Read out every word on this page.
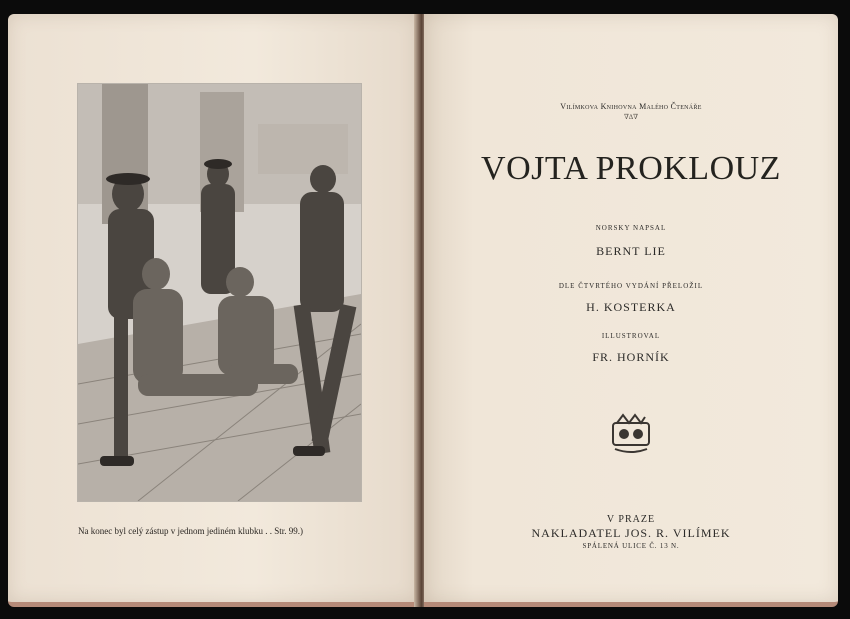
Na konec byl celý zástup v jednom jediném klubku . . Str. 99.)
Vilímkova Knihovna Malého Čtenáře
∇∆∇
VOJTA PROKLOUZ
NORSKY NAPSAL
BERNT LIE
DLE ČTVRTÉHO VYDÁNÍ PŘELOŽIL
H. KOSTERKA
ILLUSTROVAL
FR. HORNÍK
V PRAZE
NAKLADATEL JOS. R. VILÍMEK
SPÁLENÁ ULICE Č. 13 N.
